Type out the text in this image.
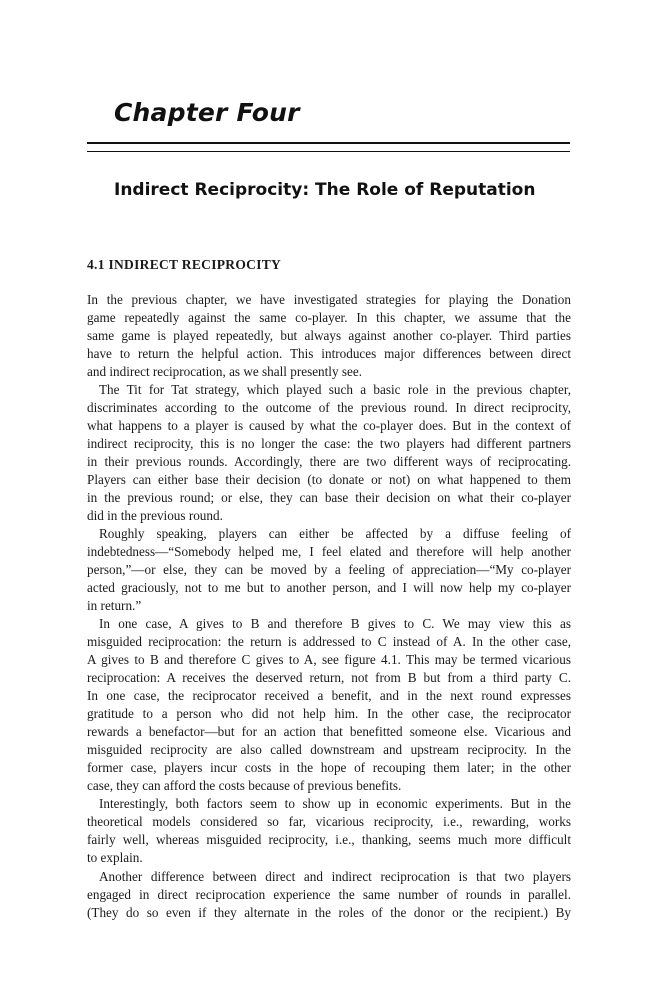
Chapter Four
Indirect Reciprocity: The Role of Reputation
4.1 INDIRECT RECIPROCITY
In the previous chapter, we have investigated strategies for playing the Donation
game repeatedly against the same co-player. In this chapter, we assume that the
same game is played repeatedly, but always against another co-player. Third parties
have to return the helpful action. This introduces major differences between direct
and indirect reciprocation, as we shall presently see.
The Tit for Tat strategy, which played such a basic role in the previous chapter,
discriminates according to the outcome of the previous round. In direct reciprocity,
what happens to a player is caused by what the co-player does. But in the context of
indirect reciprocity, this is no longer the case: the two players had different partners
in their previous rounds. Accordingly, there are two different ways of reciprocating.
Players can either base their decision (to donate or not) on what happened to them
in the previous round; or else, they can base their decision on what their co-player
did in the previous round.
Roughly speaking, players can either be affected by a diffuse feeling of
indebtedness—“Somebody helped me, I feel elated and therefore will help another
person,”—or else, they can be moved by a feeling of appreciation—“My co-player
acted graciously, not to me but to another person, and I will now help my co-player
in return.”
In one case, A gives to B and therefore B gives to C. We may view this as
misguided reciprocation: the return is addressed to C instead of A. In the other case,
A gives to B and therefore C gives to A, see figure 4.1. This may be termed vicarious
reciprocation: A receives the deserved return, not from B but from a third party C.
In one case, the reciprocator received a benefit, and in the next round expresses
gratitude to a person who did not help him. In the other case, the reciprocator
rewards a benefactor—but for an action that benefitted someone else. Vicarious and
misguided reciprocity are also called downstream and upstream reciprocity. In the
former case, players incur costs in the hope of recouping them later; in the other
case, they can afford the costs because of previous benefits.
Interestingly, both factors seem to show up in economic experiments. But in the
theoretical models considered so far, vicarious reciprocity, i.e., rewarding, works
fairly well, whereas misguided reciprocity, i.e., thanking, seems much more difficult
to explain.
Another difference between direct and indirect reciprocation is that two players
engaged in direct reciprocation experience the same number of rounds in parallel.
(They do so even if they alternate in the roles of the donor or the recipient.) By
